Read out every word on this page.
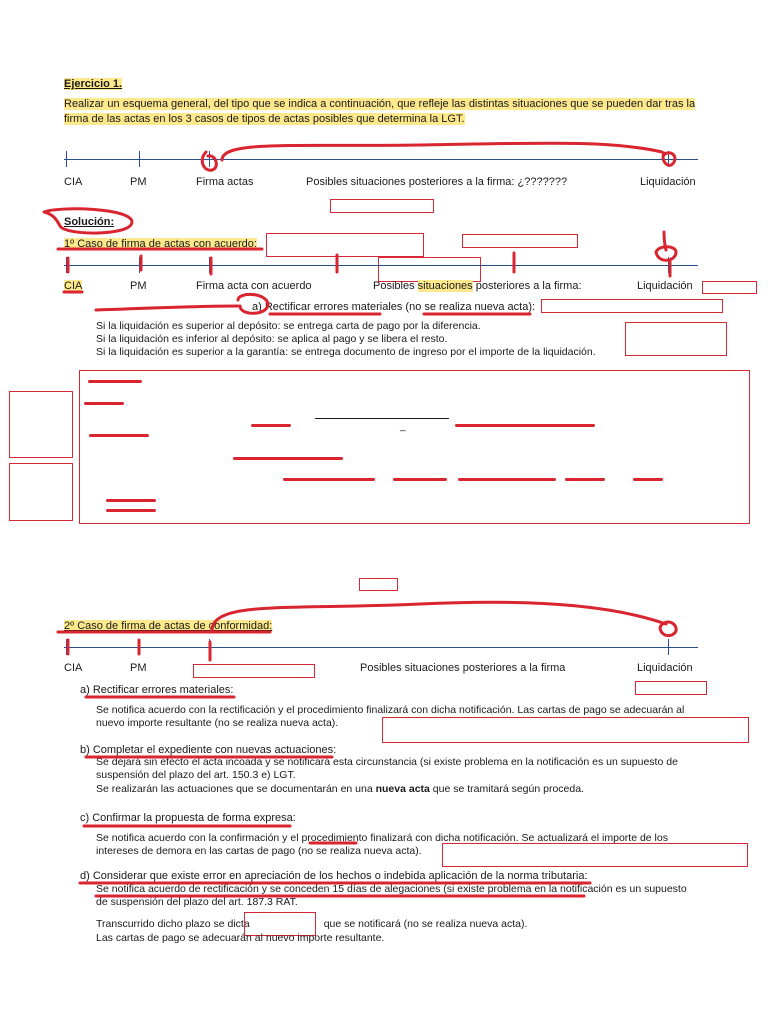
Ejercicio 1.
Realizar un esquema general, del tipo que se indica a continuación, que refleje las distintas situaciones que se pueden dar tras la firma de las actas en los 3 casos de tipos de actas posibles que determina la LGT.
CIA	PM	Firma actas	Posibles situaciones posteriores a la firma: ¿???????	Liquidación
Solución:
1º Caso de firma de actas con acuerdo:
CIA	PM	Firma acta con acuerdo	Posibles situaciones posteriores a la firma:	Liquidación
a) Rectificar errores materiales (no se realiza nueva acta):
Si la liquidación es superior al depósito: se entrega carta de pago por la diferencia.
Si la liquidación es inferior al depósito: se aplica al pago y se libera el resto.
Si la liquidación es superior a la garantía: se entrega documento de ingreso por el importe de la liquidación.
_
2º Caso de firma de actas de conformidad:
CIA	PM	Posibles situaciones posteriores a la firma	Liquidación
a) Rectificar errores materiales:
Se notifica acuerdo con la rectificación y el procedimiento finalizará con dicha notificación. Las cartas de pago se adecuarán al
nuevo importe resultante (no se realiza nueva acta).
b) Completar el expediente con nuevas actuaciones:
Se dejará sin efecto el acta incoada y se notificará esta circunstancia (si existe problema en la notificación es un supuesto de
suspensión del plazo del art. 150.3 e) LGT.
Se realizarán las actuaciones que se documentarán en una nueva acta que se tramitará según proceda.
c) Confirmar la propuesta de forma expresa:
Se notifica acuerdo con la confirmación y el procedimiento finalizará con dicha notificación. Se actualizará el importe de los
intereses de demora en las cartas de pago (no se realiza nueva acta).
d) Considerar que existe error en apreciación de los hechos o indebida aplicación de la norma tributaria:
Se notifica acuerdo de rectificación y se conceden 15 días de alegaciones (si existe problema en la notificación es un supuesto
de suspensión del plazo del art. 187.3 RAT.
Transcurrido dicho plazo se dicta	que se notificará (no se realiza nueva acta).
Las cartas de pago se adecuarán al nuevo importe resultante.
